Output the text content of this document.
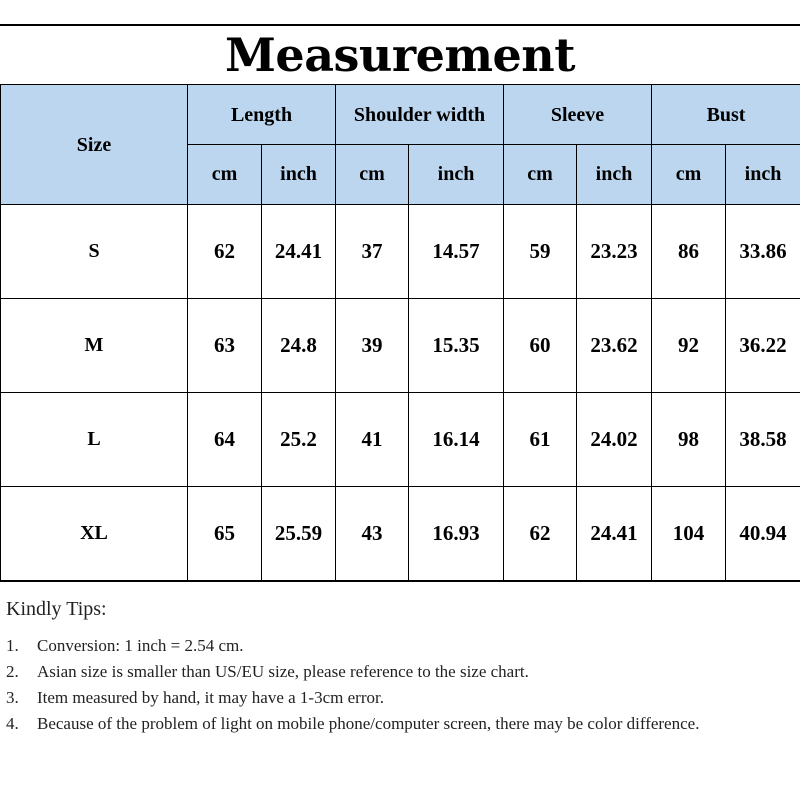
Measurement
Size	Length		Shoulder width		Sleeve		Bust	
	cm	inch	cm	inch	cm	inch	cm	inch
S	62	24.41	37	14.57	59	23.23	86	33.86
M	63	24.8	39	15.35	60	23.62	92	36.22
L	64	25.2	41	16.14	61	24.02	98	38.58
XL	65	25.59	43	16.93	62	24.41	104	40.94
Kindly Tips:
1.	Conversion: 1 inch = 2.54 cm.
2.	Asian size is smaller than US/EU size, please reference to the size chart.
3.	Item measured by hand, it may have a 1-3cm error.
4.	Because of the problem of light on mobile phone/computer screen, there may be color difference.
